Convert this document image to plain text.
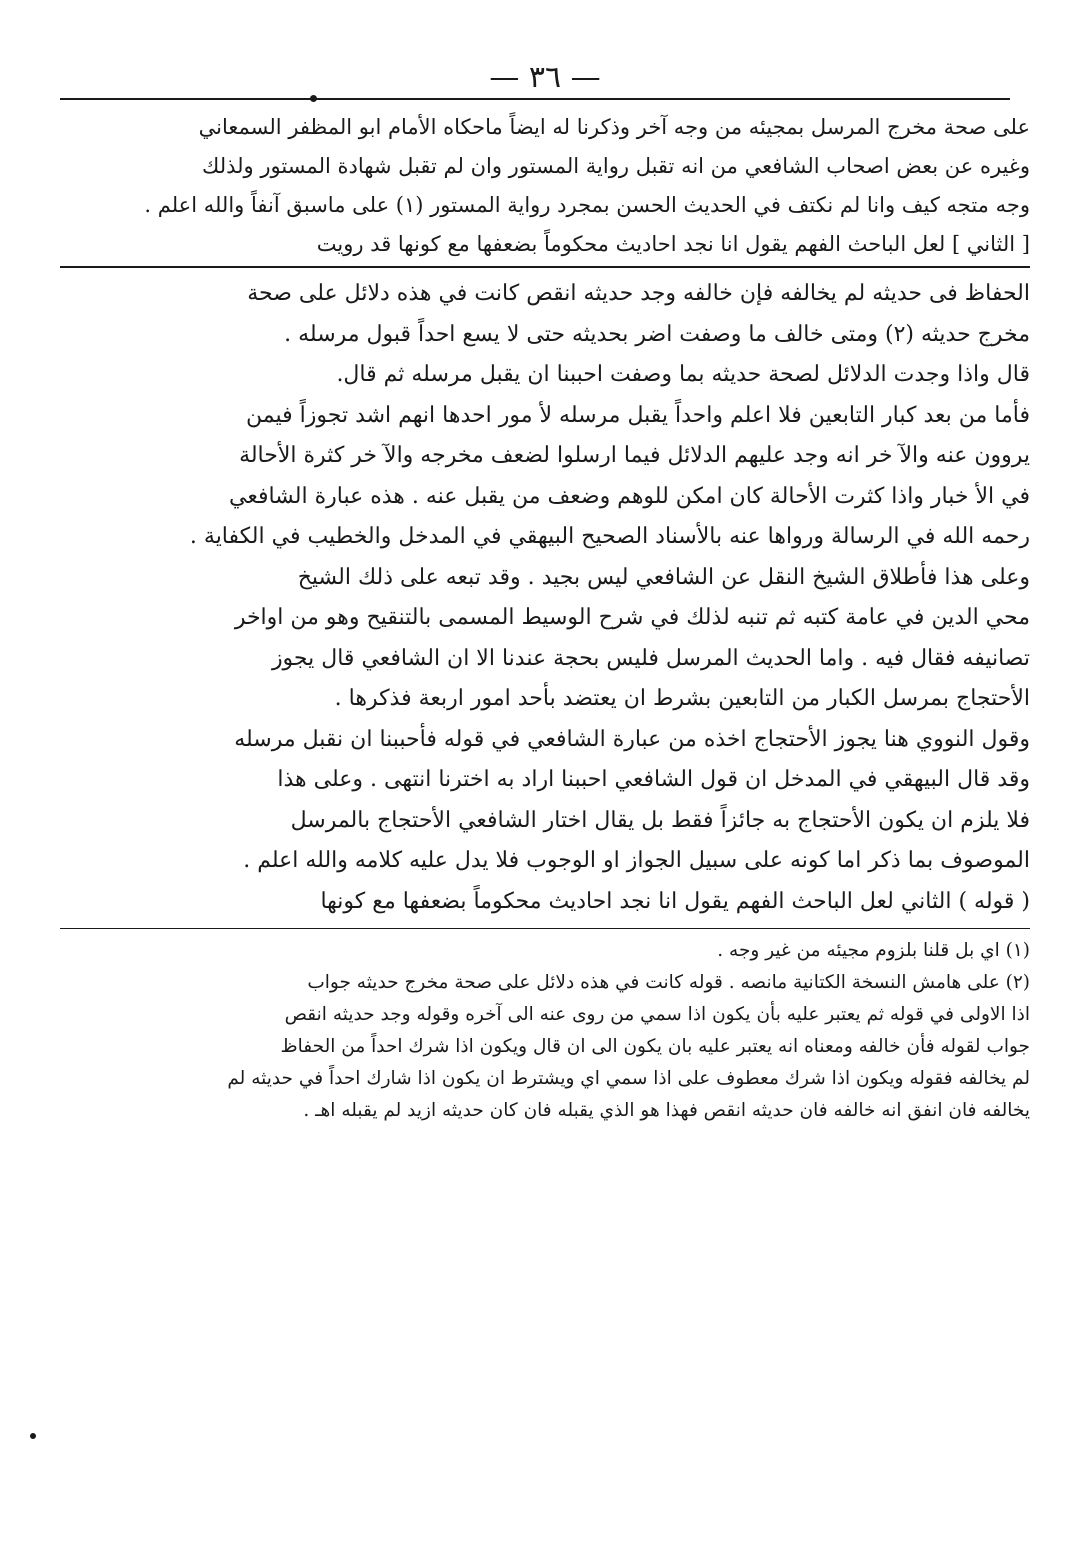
— ٣٦ —
على صحة مخرج المرسل بمجيئه من وجه آخر وذكرنا له ايضاً ماحكاه الأمام ابو المظفر السمعاني
وغيره عن بعض اصحاب الشافعي من انه تقبل رواية المستور وان لم تقبل شهادة المستور ولذلك
وجه متجه كيف وانا لم نكتف في الحديث الحسن بمجرد رواية المستور (١) على ماسبق آنفاً والله اعلم .
[ الثاني ] لعل الباحث الفهم يقول انا نجد احاديث محكوماً بضعفها مع كونها قد رويت
الحفاظ فى حديثه لم يخالفه فإن خالفه وجد حديثه انقص كانت في هذه دلائل على صحة
مخرج حديثه (٢) ومتى خالف ما وصفت اضر بحديثه حتى لا يسع احداً قبول مرسله .
قال واذا وجدت الدلائل لصحة حديثه بما وصفت احببنا ان يقبل مرسله ثم قال.
فأما من بعد كبار التابعين فلا اعلم واحداً يقبل مرسله لأ مور احدها انهم اشد تجوزاً فيمن
يروون عنه والآ خر انه وجد عليهم الدلائل فيما ارسلوا لضعف مخرجه والآ خر كثرة الأحالة
في الأ خبار واذا كثرت الأحالة كان امكن للوهم وضعف من يقبل عنه . هذه عبارة الشافعي
رحمه الله في الرسالة ورواها عنه بالأسناد الصحيح البيهقي في المدخل والخطيب في الكفاية .
وعلى هذا فأطلاق الشيخ النقل عن الشافعي ليس بجيد . وقد تبعه على ذلك الشيخ
محي الدين في عامة كتبه ثم تنبه لذلك في شرح الوسيط المسمى بالتنقيح وهو من اواخر
تصانيفه فقال فيه . واما الحديث المرسل فليس بحجة عندنا الا ان الشافعي قال يجوز
الأحتجاج بمرسل الكبار من التابعين بشرط ان يعتضد بأحد امور اربعة فذكرها .
وقول النووي هنا يجوز الأحتجاج اخذه من عبارة الشافعي في قوله فأحببنا ان نقبل مرسله
وقد قال البيهقي في المدخل ان قول الشافعي احببنا اراد به اخترنا انتهى . وعلى هذا
فلا يلزم ان يكون الأحتجاج به جائزاً فقط بل يقال اختار الشافعي الأحتجاج بالمرسل
الموصوف بما ذكر اما كونه على سبيل الجواز او الوجوب فلا يدل عليه كلامه والله اعلم .
( قوله ) الثاني لعل الباحث الفهم يقول انا نجد احاديث محكوماً بضعفها مع كونها
(١) اي بل قلنا بلزوم مجيئه من غير وجه .
(٢) على هامش النسخة الكتانية مانصه . قوله كانت في هذه دلائل على صحة مخرج حديثه جواب
اذا الاولى في قوله ثم يعتبر عليه بأن يكون اذا سمي من روى عنه الى آخره وقوله وجد حديثه انقص
جواب لقوله فأن خالفه ومعناه انه يعتبر عليه بان يكون الى ان قال ويكون اذا شرك احداً من الحفاظ
لم يخالفه فقوله ويكون اذا شرك معطوف على اذا سمي اي ويشترط ان يكون اذا شارك احداً في حديثه لم
يخالفه فان انفق انه خالفه فان حديثه انقص فهذا هو الذي يقبله فان كان حديثه ازيد لم يقبله اهـ .
